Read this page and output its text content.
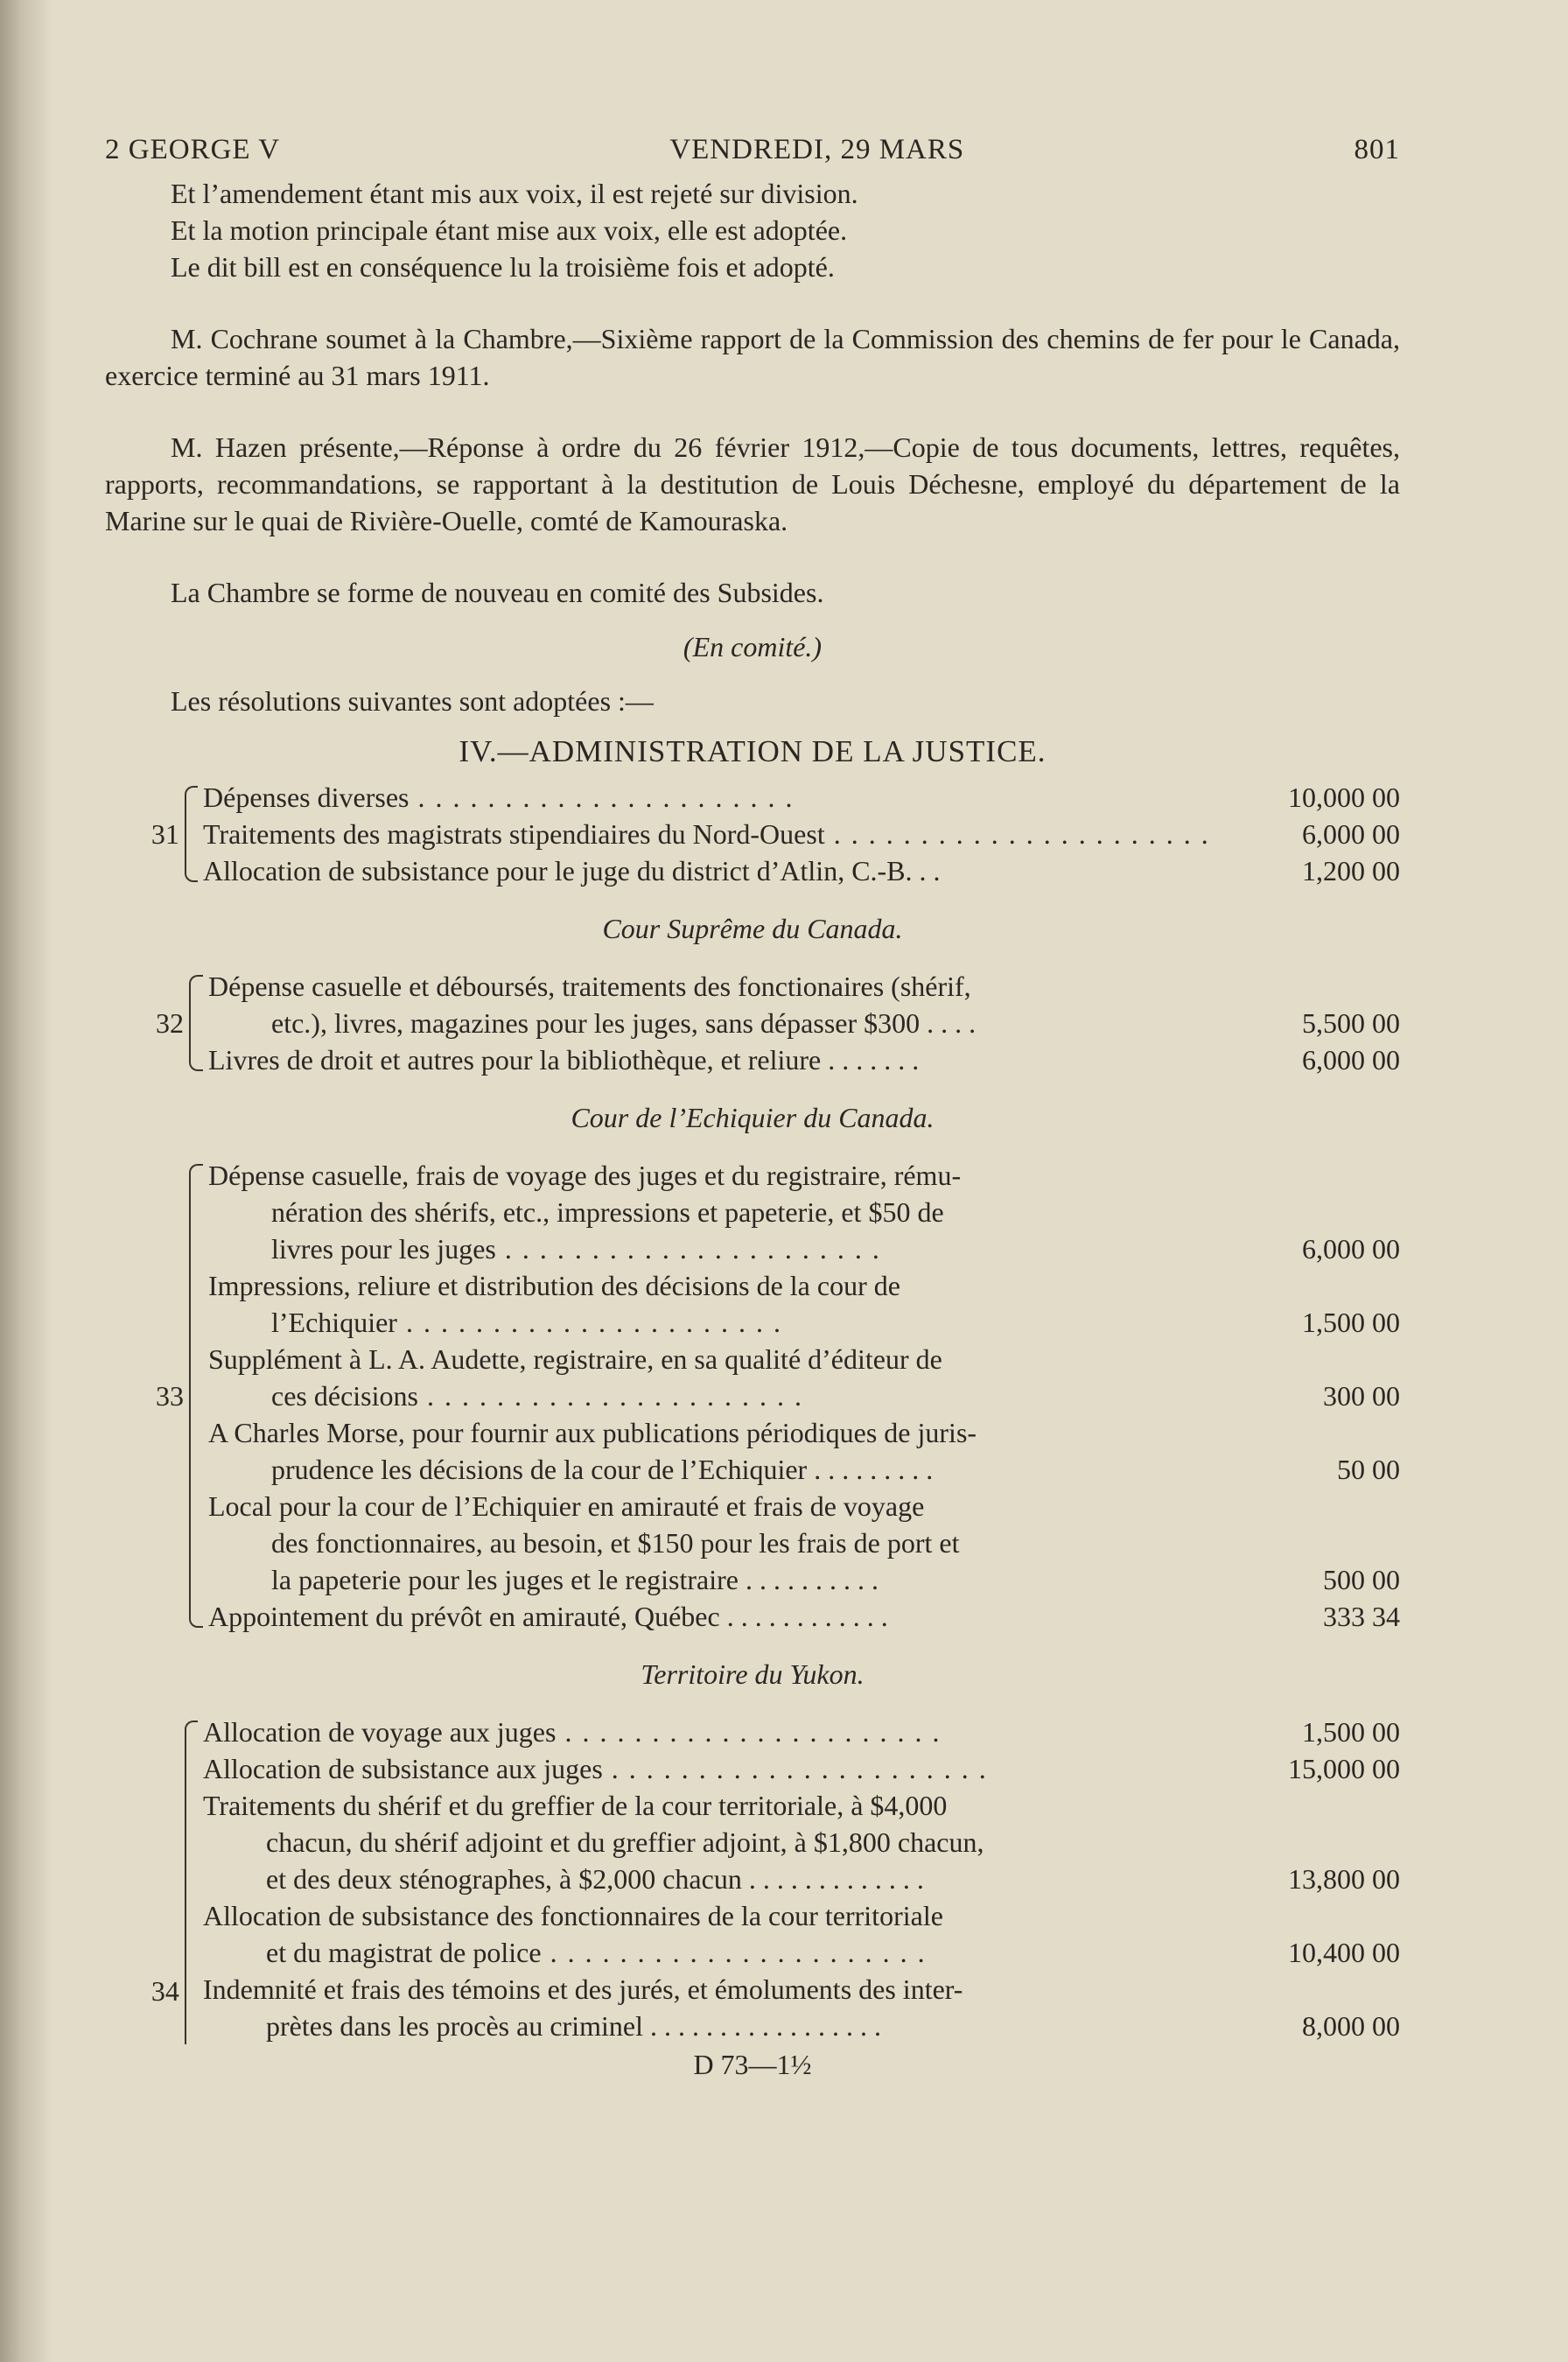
2 GEORGE V	VENDREDI, 29 MARS	801

Et l’amendement étant mis aux voix, il est rejeté sur division.

Et la motion principale étant mise aux voix, elle est adoptée.

Le dit bill est en conséquence lu la troisième fois et adopté.

M. Cochrane soumet à la Chambre,—Sixième rapport de la Commission des chemins de fer pour le Canada, exercice terminé au 31 mars 1911.

M. Hazen présente,—Réponse à ordre du 26 février 1912,—Copie de tous documents, lettres, requêtes, rapports, recommandations, se rapportant à la destitution de Louis Déchesne, employé du département de la Marine sur le quai de Rivière-Ouelle, comté de Kamouraska.

La Chambre se forme de nouveau en comité des Subsides.

(En comité.)

Les résolutions suivantes sont adoptées :—

IV.—ADMINISTRATION DE LA JUSTICE.

31
Dépenses diverses . . .	10,000 00
Traitements des magistrats stipendiaires du Nord-Ouest . . .	6,000 00
Allocation de subsistance pour le juge du district d’Atlin, C.-B. . .	1,200 00

Cour Suprême du Canada.

32
Dépense casuelle et déboursés, traitements des fonctionaires (shérif,
etc.), livres, magazines pour les juges, sans dépasser $300 . . . .	5,500 00
Livres de droit et autres pour la bibliothèque, et reliure . . . . . . .	6,000 00

Cour de l’Echiquier du Canada.

33
Dépense casuelle, frais de voyage des juges et du registraire, rému-
nération des shérifs, etc., impressions et papeterie, et $50 de
livres pour les juges . . .	6,000 00
Impressions, reliure et distribution des décisions de la cour de
l’Echiquier . . .	1,500 00
Supplément à L. A. Audette, registraire, en sa qualité d’éditeur de
ces décisions . . .	300 00
A Charles Morse, pour fournir aux publications périodiques de juris-
prudence les décisions de la cour de l’Echiquier . . . . . . . . .	50 00
Local pour la cour de l’Echiquier en amirauté et frais de voyage
des fonctionnaires, au besoin, et $150 pour les frais de port et
la papeterie pour les juges et le registraire . . . . . . . . . .	500 00
Appointement du prévôt en amirauté, Québec . . . . . . . . . . . .	333 34

Territoire du Yukon.

34
Allocation de voyage aux juges . . .	1,500 00
Allocation de subsistance aux juges . . .	15,000 00
Traitements du shérif et du greffier de la cour territoriale, à $4,000
chacun, du shérif adjoint et du greffier adjoint, à $1,800 chacun,
et des deux sténographes, à $2,000 chacun . . . . . . . . . . . . .	13,800 00
Allocation de subsistance des fonctionnaires de la cour territoriale
et du magistrat de police . . .	10,400 00
Indemnité et frais des témoins et des jurés, et émoluments des inter-
prètes dans les procès au criminel . . . . . . . . . . . . . . . . .	8,000 00
D 73—1½
